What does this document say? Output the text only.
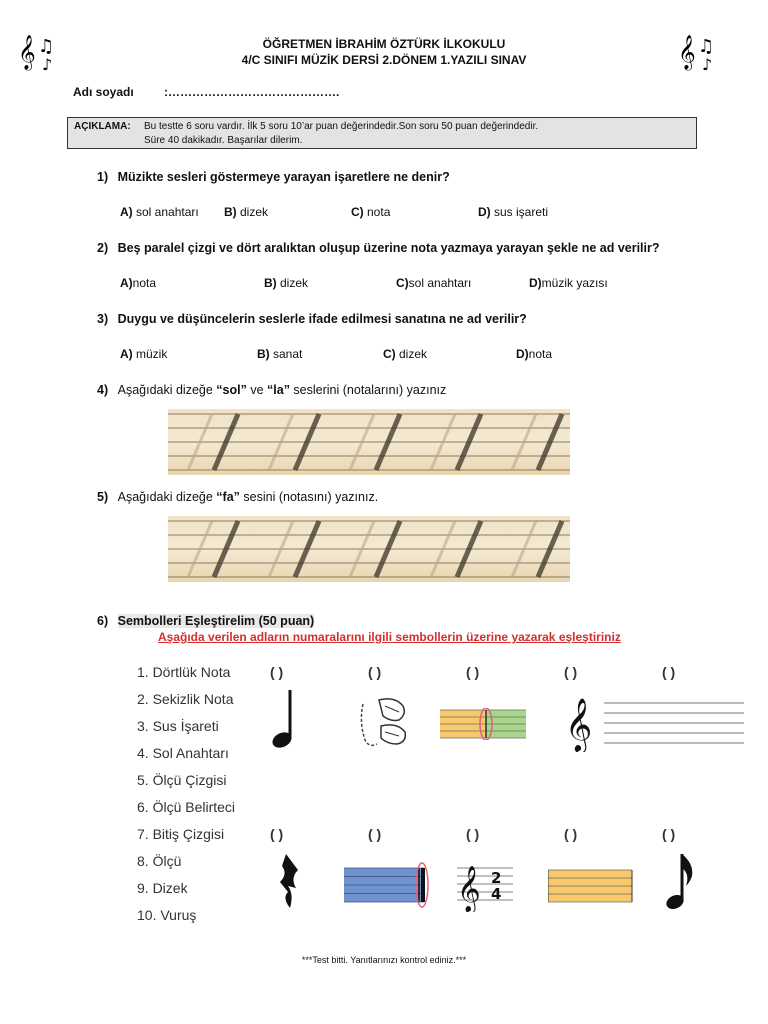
𝄞 ♫
♪	𝄞 ♫
♪
ÖĞRETMEN İBRAHİM ÖZTÜRK İLKOKULU
4/C SINIFI MÜZİK DERSİ 2.DÖNEM 1.YAZILI SINAV
Adı soyadı	:…………………………………….
AÇIKLAMA: Bu testte 6 soru vardır. İlk 5 soru 10’ar puan değerindedir.Son soru 50 puan değerindedir.
Süre 40 dakikadır. Başarılar dilerim.
1) Müzikte sesleri göstermeye yarayan işaretlere ne denir?
A) sol anahtarı B) dizek	C) nota	D) sus işareti
2) Beş paralel çizgi ve dört aralıktan oluşup üzerine nota yazmaya yarayan şekle ne ad verilir?
A)nota	B) dizek	C)sol anahtarı	D)müzik yazısı
3) Duygu ve düşüncelerin seslerle ifade edilmesi sanatına ne ad verilir?
A) müzik	B) sanat	C) dizek	D)nota
4) Aşağıdaki dizeğe “sol” ve “la” seslerini (notalarını) yazınız
5) Aşağıdaki dizeğe “fa” sesini (notasını) yazınız.
6) Sembolleri Eşleştirelim (50 puan)
Aşağıda verilen adların numaralarını ilgili sembollerin üzerine yazarak eşleştiriniz
1. Dörtlük Nota
2. Sekizlik Nota
3. Sus İşareti
4. Sol Anahtarı
5. Ölçü Çizgisi
6. Ölçü Belirteci
7. Bitiş Çizgisi
8. Ölçü
9. Dizek
10. Vuruş
( )	( )	( )	( )	( )
𝄞
( )	( )	( )	( )	( )
𝄞 2
4
***Test bitti. Yanıtlarınızı kontrol ediniz.***
